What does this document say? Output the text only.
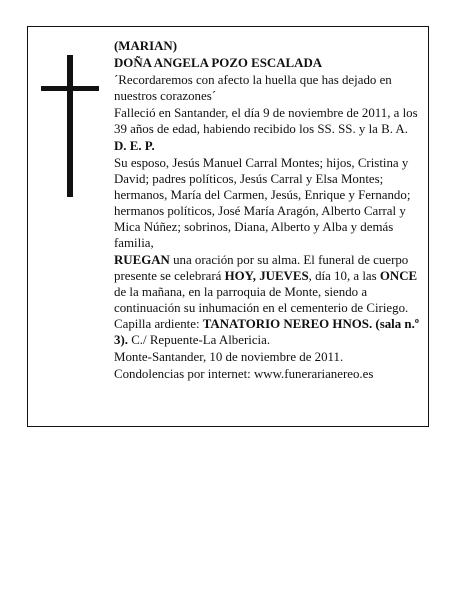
(MARIAN)

DOÑA ANGELA POZO ESCALADA

´Recordaremos con afecto la huella que has dejado en nuestros corazones´

Falleció en Santander, el día 9 de noviembre de 2011, a los 39 años de edad, habiendo recibido los SS. SS. y la B. A.

D. E. P.

Su esposo, Jesús Manuel Carral Montes; hijos, Cristina y David; padres políticos, Jesús Carral y Elsa Montes; hermanos, María del Carmen, Jesús, Enrique y Fernando; hermanos políticos, José María Aragón, Alberto Carral y Mica Núñez; sobrinos, Diana, Alberto y Alba y demás familia,

RUEGAN una oración por su alma. El funeral de cuerpo presente se celebrará HOY, JUEVES, día 10, a las ONCE de la mañana, en la parroquia de Monte, siendo a continuación su inhumación en el cementerio de Ciriego. Capilla ardiente: TANATORIO NEREO HNOS. (sala n.º 3). C./ Repuente-La Albericia.

Monte-Santander, 10 de noviembre de 2011.

Condolencias por internet: www.funerarianereo.es
